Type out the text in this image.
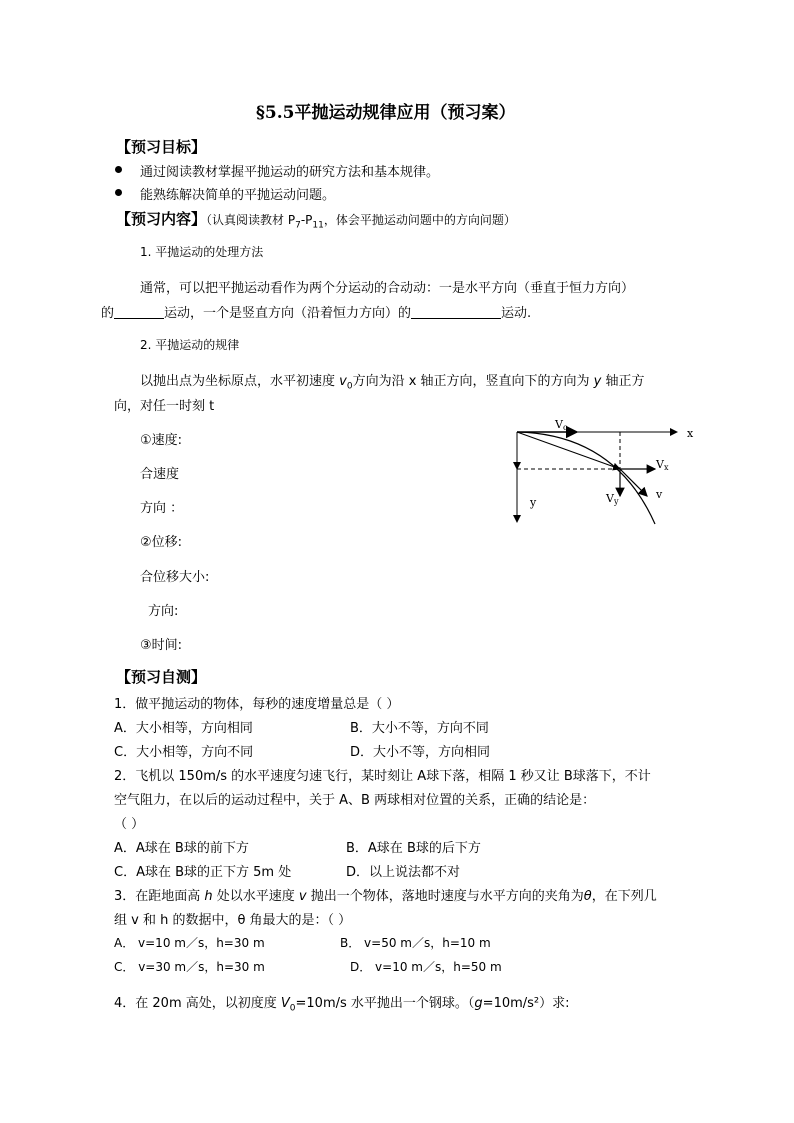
§5.5平抛运动规律应用（预习案）
【预习目标】
通过阅读教材掌握平抛运动的研究方法和基本规律。
能熟练解决简单的平抛运动问题。
【预习内容】（认真阅读教材 $P_7-P_{11}$，体会平抛运动问题中的方向问题）
1. 平抛运动的处理方法
通常，可以把平抛运动看作为两个分运动的合动动：一是水平方向（垂直于恒力方向）
的	运动，一个是竖直方向（沿着恒力方向）的	运动.
2. 平抛运动的规律
以抛出点为坐标原点，水平初速度 $v_0$方向为沿 x 轴正方向，竖直向下的方向为 y 轴正方
向，对任一时刻 t
①速度:
合速度
方向 ：
②位移:
合位移大小:
方向:
③时间:
Vo	x
y
Vx
Vy
v
【预习自测】
1．做平抛运动的物体，每秒的速度增量总是（ ）
A．大小相等，方向相同	B．大小不等，方向不同
C．大小相等，方向不同	D．大小不等，方向相同
2．飞机以 150m/s 的水平速度匀速飞行，某时刻让 A球下落，相隔 1 秒又让 B球落下，不计
空气阻力，在以后的运动过程中，关于 A、B 两球相对位置的关系，正确的结论是：
（ ）
A．A球在 B球的前下方	B．A球在 B球的后下方
C．A球在 B球的正下方 5m 处	D．以上说法都不对
3．在距地面高 h 处以水平速度 v 抛出一个物体，落地时速度与水平方向的夹角为θ，在下列几
组 v 和 h 的数据中，θ 角最大的是：（ ）
A． v=10 m／s，h=30 m	B． v=50 m／s，h=10 m
C． v=30 m／s，h=30 m	D． v=10 m／s，h=50 m
4．在 20m 高处，以初度度 $V_0=10m/s$ 水平抛出一个钢球。（g=10m/s²）求:
